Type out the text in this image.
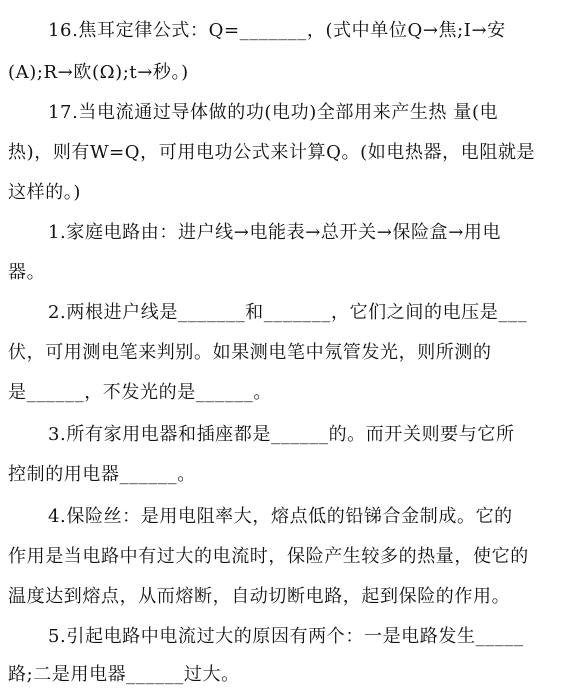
16.焦耳定律公式：Q=_______，(式中单位Q→焦;I→安
(A);R→欧(Ω);t→秒。)
17.当电流通过导体做的功(电功)全部用来产生热 量(电
热)，则有W=Q，可用电功公式来计算Q。(如电热器，电阻就是
这样的。)
1.家庭电路由：进户线→电能表→总开关→保险盒→用电
器。
2.两根进户线是_______和_______，它们之间的电压是___
伏，可用测电笔来判别。如果测电笔中氖管发光，则所测的
是______，不发光的是______。
3.所有家用电器和插座都是______的。而开关则要与它所
控制的用电器______。
4.保险丝：是用电阻率大，熔点低的铅锑合金制成。它的
作用是当电路中有过大的电流时，保险产生较多的热量，使它的
温度达到熔点，从而熔断，自动切断电路，起到保险的作用。
5.引起电路中电流过大的原因有两个：一是电路发生_____
路;二是用电器______过大。
